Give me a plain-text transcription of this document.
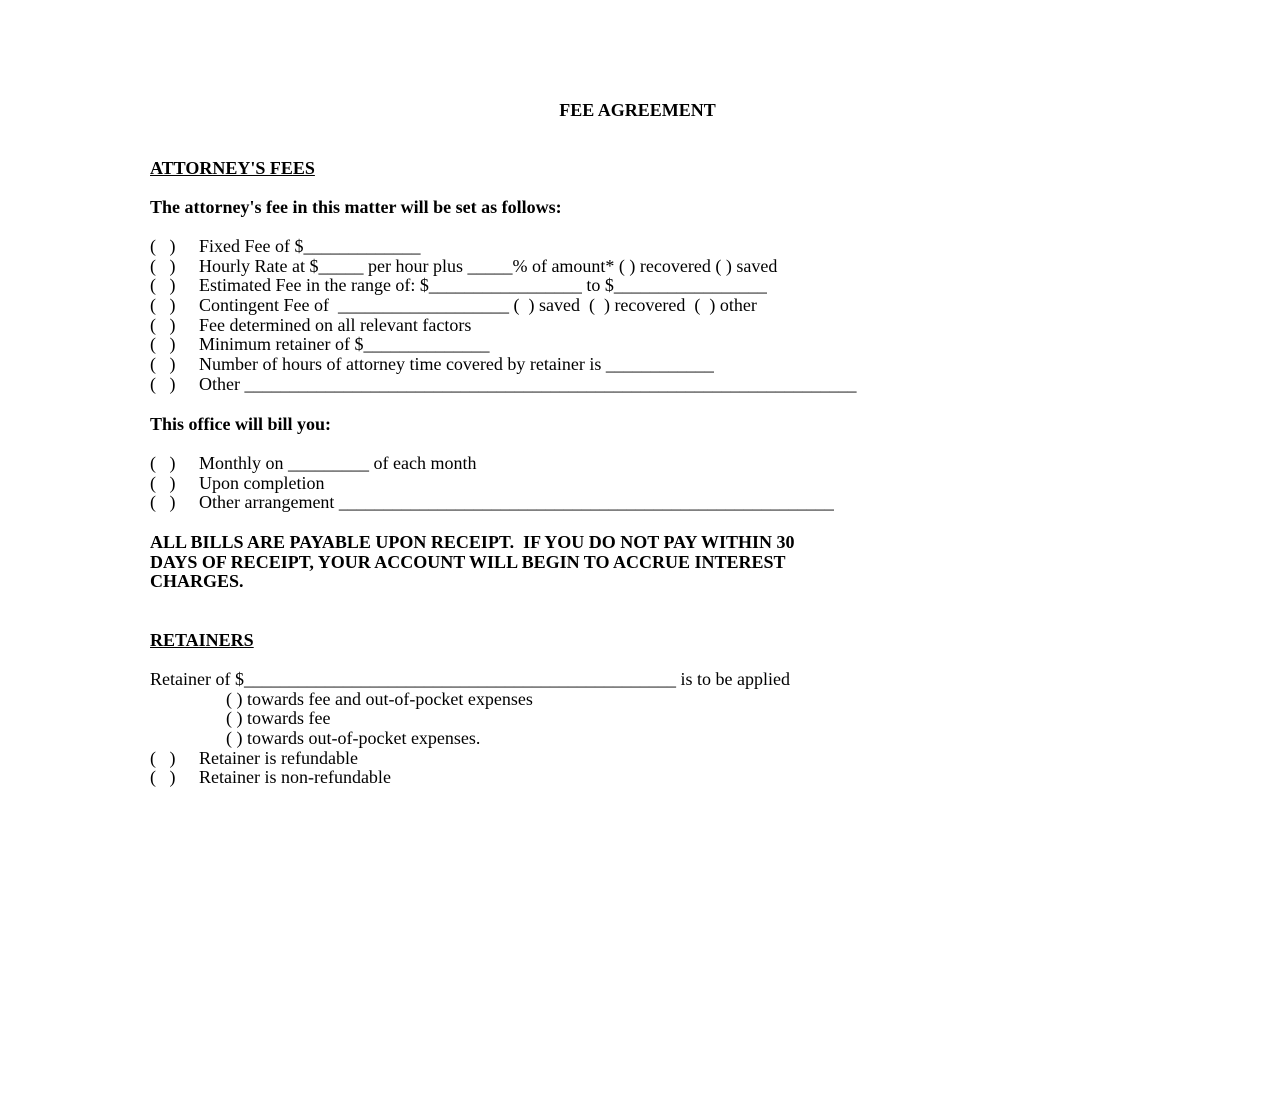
FEE AGREEMENT
ATTORNEY'S FEES
The attorney's fee in this matter will be set as follows:
(   ) Fixed Fee of $_____________
(   ) Hourly Rate at $_____ per hour plus _____% of amount* ( ) recovered ( ) saved
(   ) Estimated Fee in the range of: $_________________ to $_________________
(   ) Contingent Fee of  ___________________ (  ) saved  (  ) recovered  (  ) other
(   ) Fee determined on all relevant factors
(   ) Minimum retainer of $______________
(   ) Number of hours of attorney time covered by retainer is ____________
(   ) Other ____________________________________________________________________
This office will bill you:
(   ) Monthly on _________ of each month
(   ) Upon completion
(   ) Other arrangement _______________________________________________________
ALL BILLS ARE PAYABLE UPON RECEIPT.  IF YOU DO NOT PAY WITHIN 30
DAYS OF RECEIPT, YOUR ACCOUNT WILL BEGIN TO ACCRUE INTEREST
CHARGES.
RETAINERS
Retainer of $________________________________________________ is to be applied
( ) towards fee and out-of-pocket expenses
( ) towards fee
( ) towards out-of-pocket expenses.
(   ) Retainer is refundable
(   ) Retainer is non-refundable
